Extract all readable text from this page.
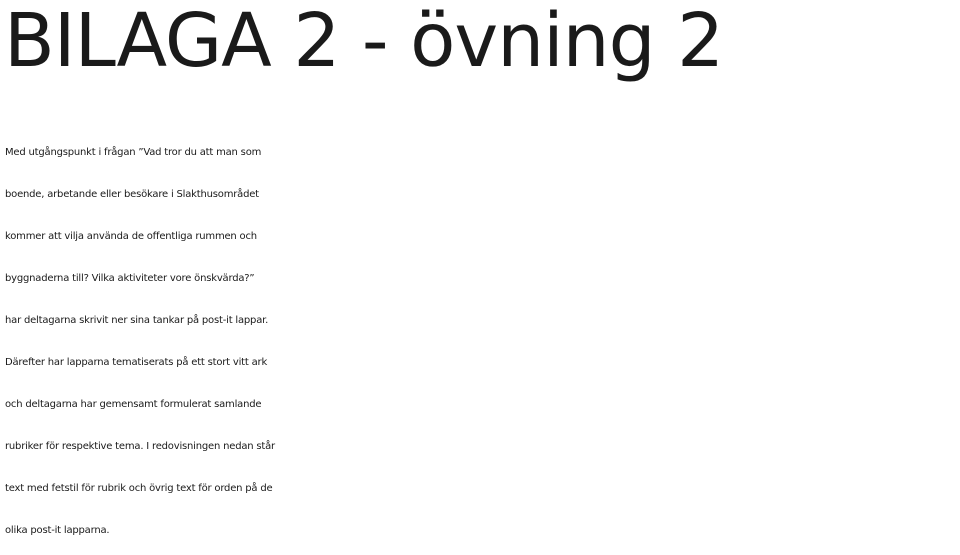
BILAGA 2 - övning 2
Med utgångspunkt i frågan ”Vad tror du att man som
boende, arbetande eller besökare i Slakthusområdet
kommer att vilja använda de offentliga rummen och
byggnaderna till? Vilka aktiviteter vore önskvärda?”
har deltagarna skrivit ner sina tankar på post-it lappar.
Därefter har lapparna tematiserats på ett stort vitt ark
och deltagarna har gemensamt formulerat samlande
rubriker för respektive tema. I redovisningen nedan står
text med fetstil för rubrik och övrig text för orden på de
olika post-it lapparna.
